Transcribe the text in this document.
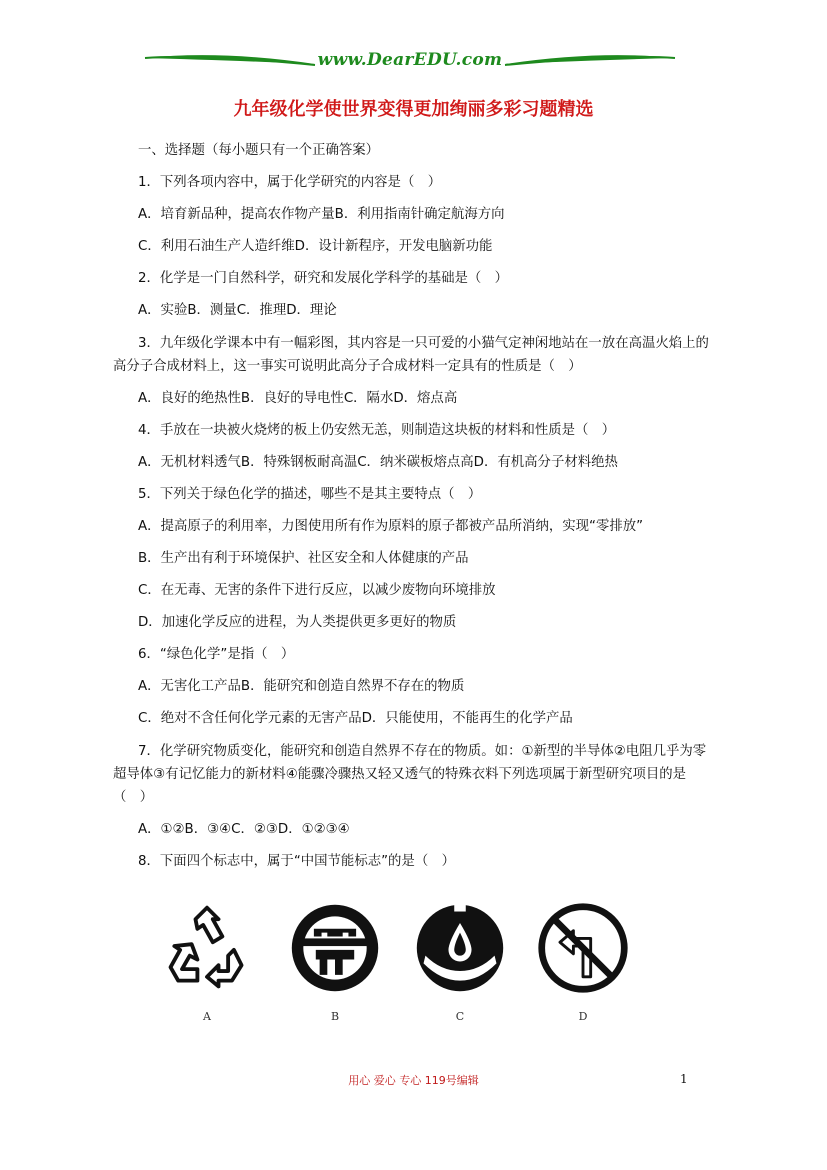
www.DearEDU.com
九年级化学使世界变得更加绚丽多彩习题精选

一、选择题（每小题只有一个正确答案）

1．下列各项内容中，属于化学研究的内容是（　）

A．培育新品种，提高农作物产量B．利用指南针确定航海方向

C．利用石油生产人造纤维D．设计新程序，开发电脑新功能

2．化学是一门自然科学，研究和发展化学科学的基础是（　）

A．实验B．测量C．推理D．理论

3．九年级化学课本中有一幅彩图，其内容是一只可爱的小猫气定神闲地站在一放在高温火焰上的高分子合成材料上，这一事实可说明此高分子合成材料一定具有的性质是（　）

A．良好的绝热性B．良好的导电性C．隔水D．熔点高

4．手放在一块被火烧烤的板上仍安然无恙，则制造这块板的材料和性质是（　）

A．无机材料透气B．特殊钢板耐高温C．纳米碳板熔点高D．有机高分子材料绝热

5．下列关于绿色化学的描述，哪些不是其主要特点（　）

A．提高原子的利用率，力图使用所有作为原料的原子都被产品所消纳，实现“零排放”

B．生产出有利于环境保护、社区安全和人体健康的产品

C．在无毒、无害的条件下进行反应，以减少废物向环境排放

D．加速化学反应的进程，为人类提供更多更好的物质

6．“绿色化学”是指（　）

A．无害化工产品B．能研究和创造自然界不存在的物质

C．绝对不含任何化学元素的无害产品D．只能使用，不能再生的化学产品

7．化学研究物质变化，能研究和创造自然界不存在的物质。如：①新型的半导体②电阻几乎为零超导体③有记忆能力的新材料④能骤冷骤热又轻又透气的特殊衣料下列选项属于新型研究项目的是（　）

A．①②B．③④C．②③D．①②③④

8．下面四个标志中，属于“中国节能标志”的是（　）

A	B	C	D
用心 爱心 专心 119号编辑	1
